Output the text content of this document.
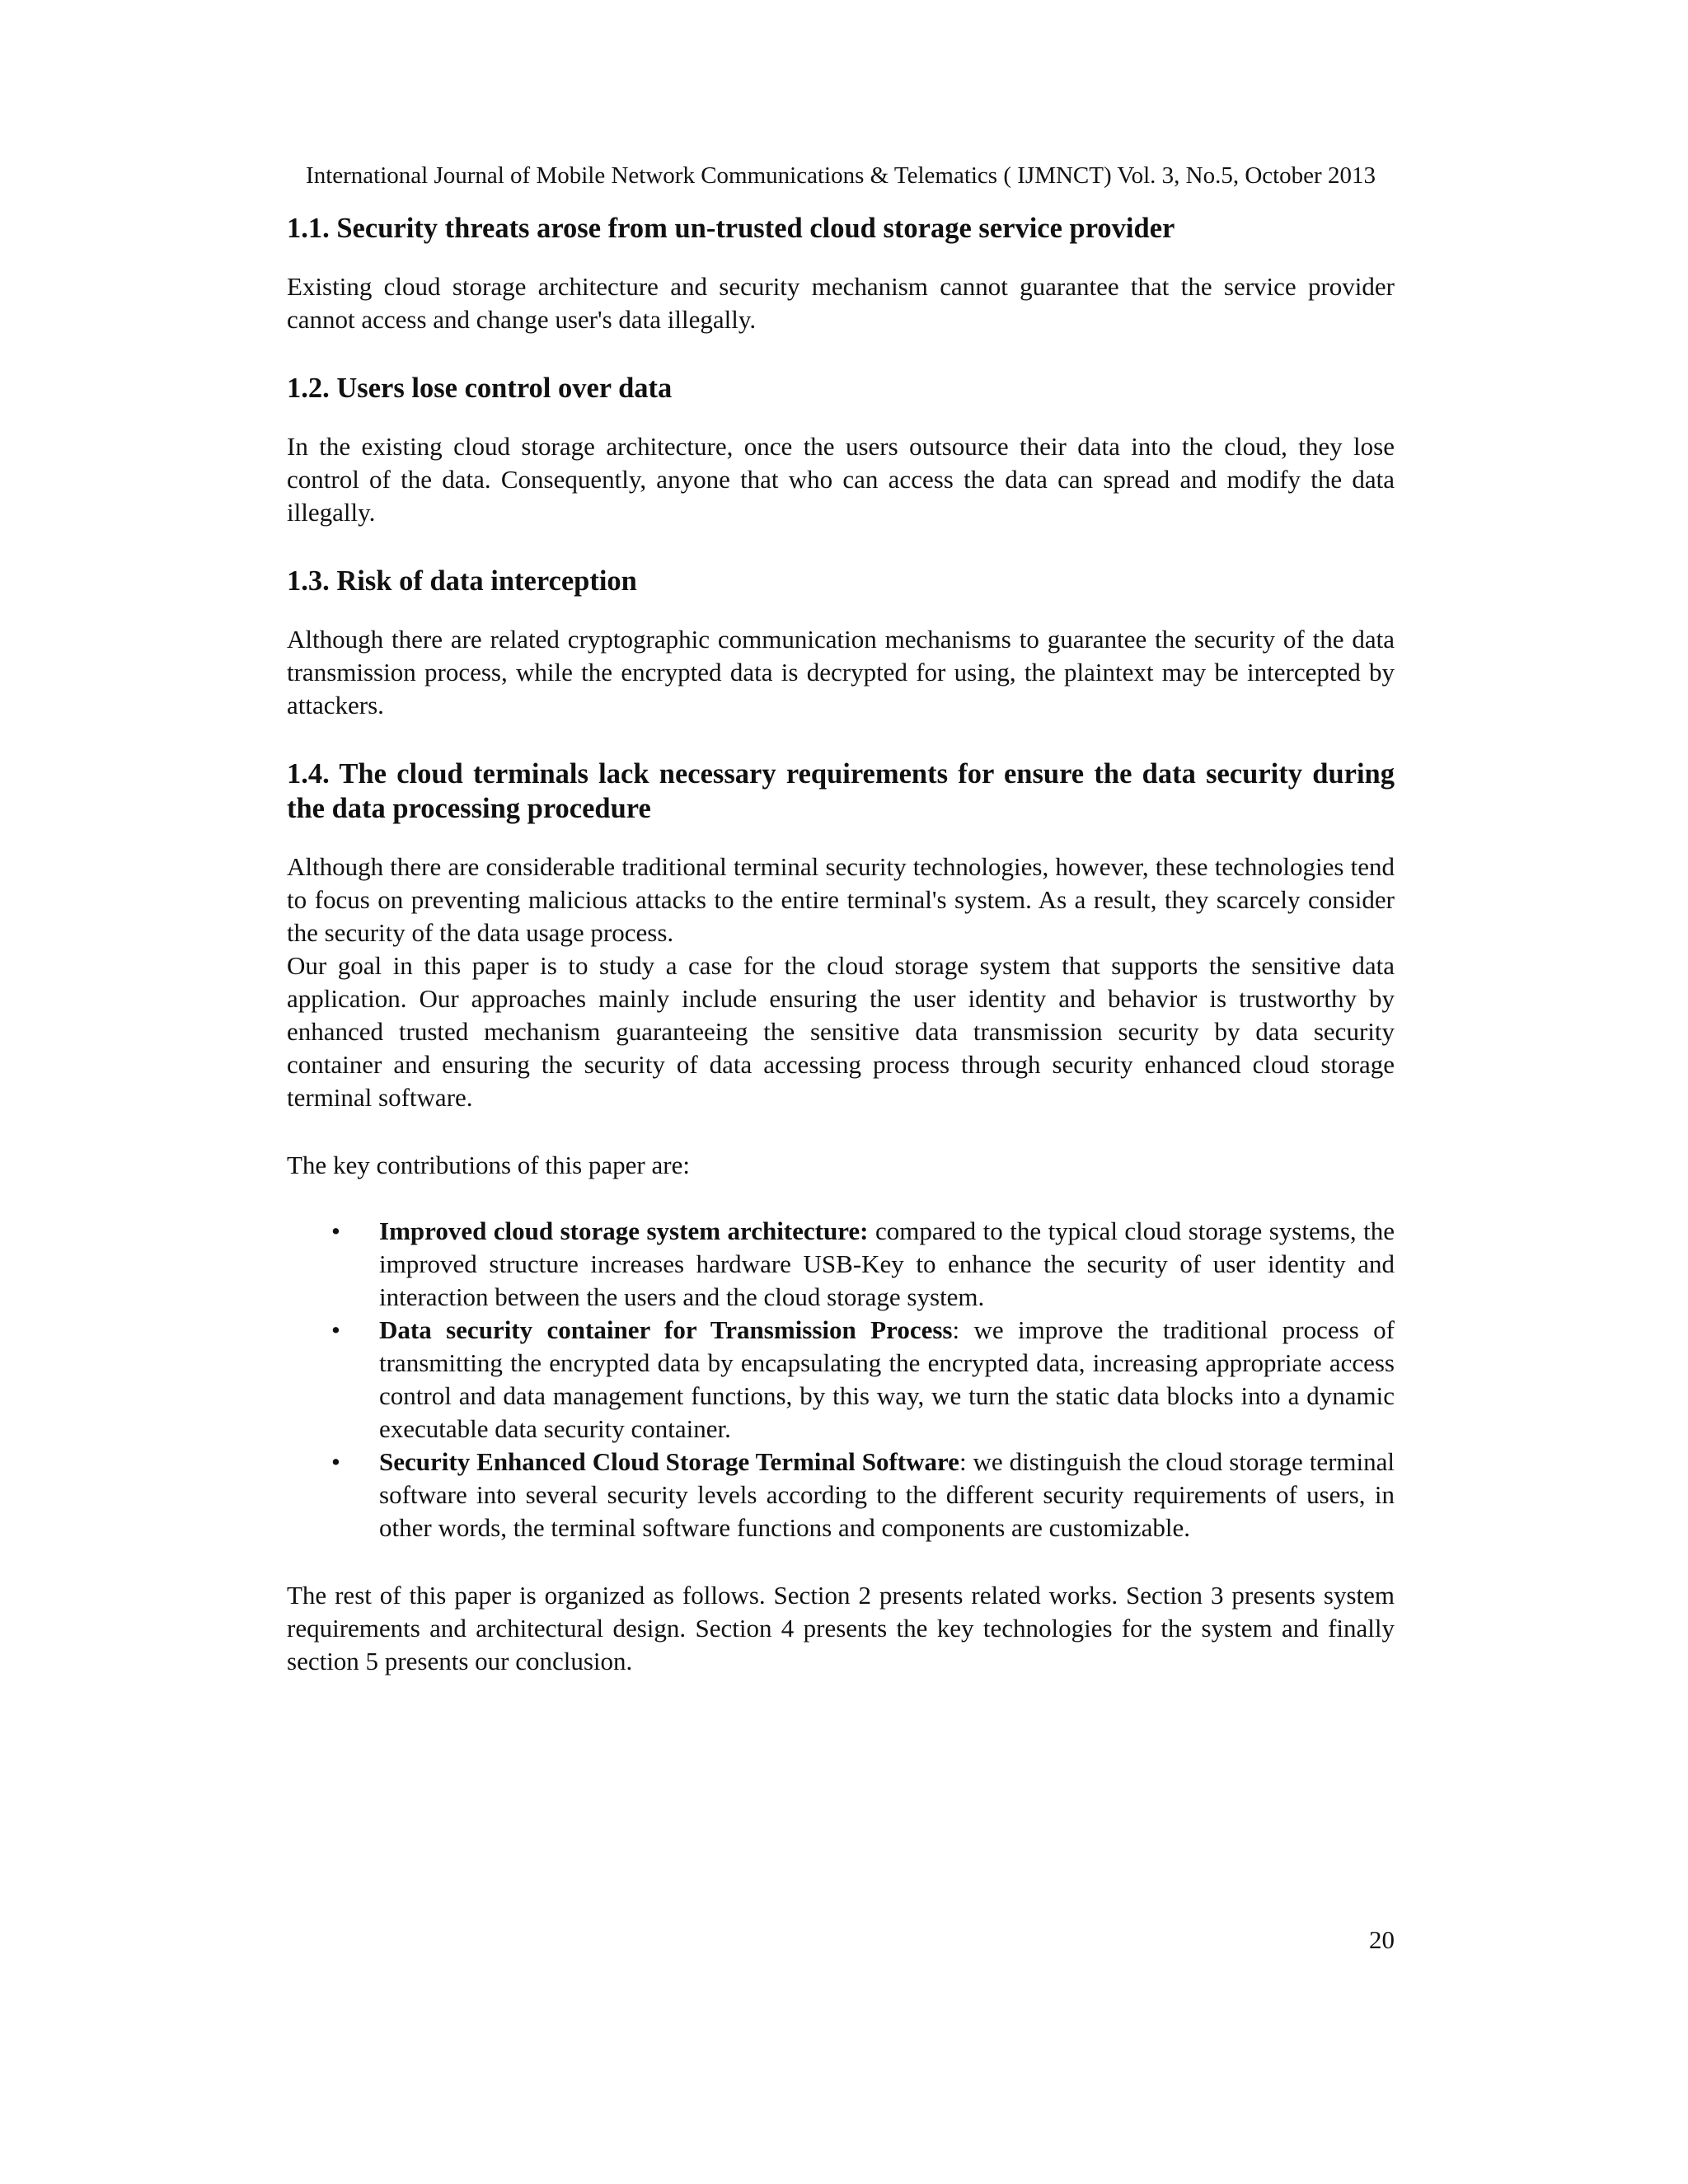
International Journal of Mobile Network Communications & Telematics ( IJMNCT) Vol. 3, No.5, October 2013
1.1. Security threats arose from un-trusted cloud storage service provider

Existing cloud storage architecture and security mechanism cannot guarantee that the service provider cannot access and change user's data illegally.

1.2. Users lose control over data

In the existing cloud storage architecture, once the users outsource their data into the cloud, they lose control of the data. Consequently, anyone that who can access the data can spread and modify the data illegally.

1.3. Risk of data interception

Although there are related cryptographic communication mechanisms to guarantee the security of the data transmission process, while the encrypted data is decrypted for using, the plaintext may be intercepted by attackers.

1.4. The cloud terminals lack necessary requirements for ensure the data security during the data processing procedure

Although there are considerable traditional terminal security technologies, however, these technologies tend to focus on preventing malicious attacks to the entire terminal's system. As a result, they scarcely consider the security of the data usage process.

Our goal in this paper is to study a case for the cloud storage system that supports the sensitive data application. Our approaches mainly include ensuring the user identity and behavior is trustworthy by enhanced trusted mechanism guaranteeing the sensitive data transmission security by data security container and ensuring the security of data accessing process through security enhanced cloud storage terminal software.

The key contributions of this paper are:

• Improved cloud storage system architecture: compared to the typical cloud storage systems, the improved structure increases hardware USB-Key to enhance the security of user identity and interaction between the users and the cloud storage system.
• Data security container for Transmission Process: we improve the traditional process of transmitting the encrypted data by encapsulating the encrypted data, increasing appropriate access control and data management functions, by this way, we turn the static data blocks into a dynamic executable data security container.
• Security Enhanced Cloud Storage Terminal Software: we distinguish the cloud storage terminal software into several security levels according to the different security requirements of users, in other words, the terminal software functions and components are customizable.

The rest of this paper is organized as follows. Section 2 presents related works. Section 3 presents system requirements and architectural design. Section 4 presents the key technologies for the system and finally section 5 presents our conclusion.

20
